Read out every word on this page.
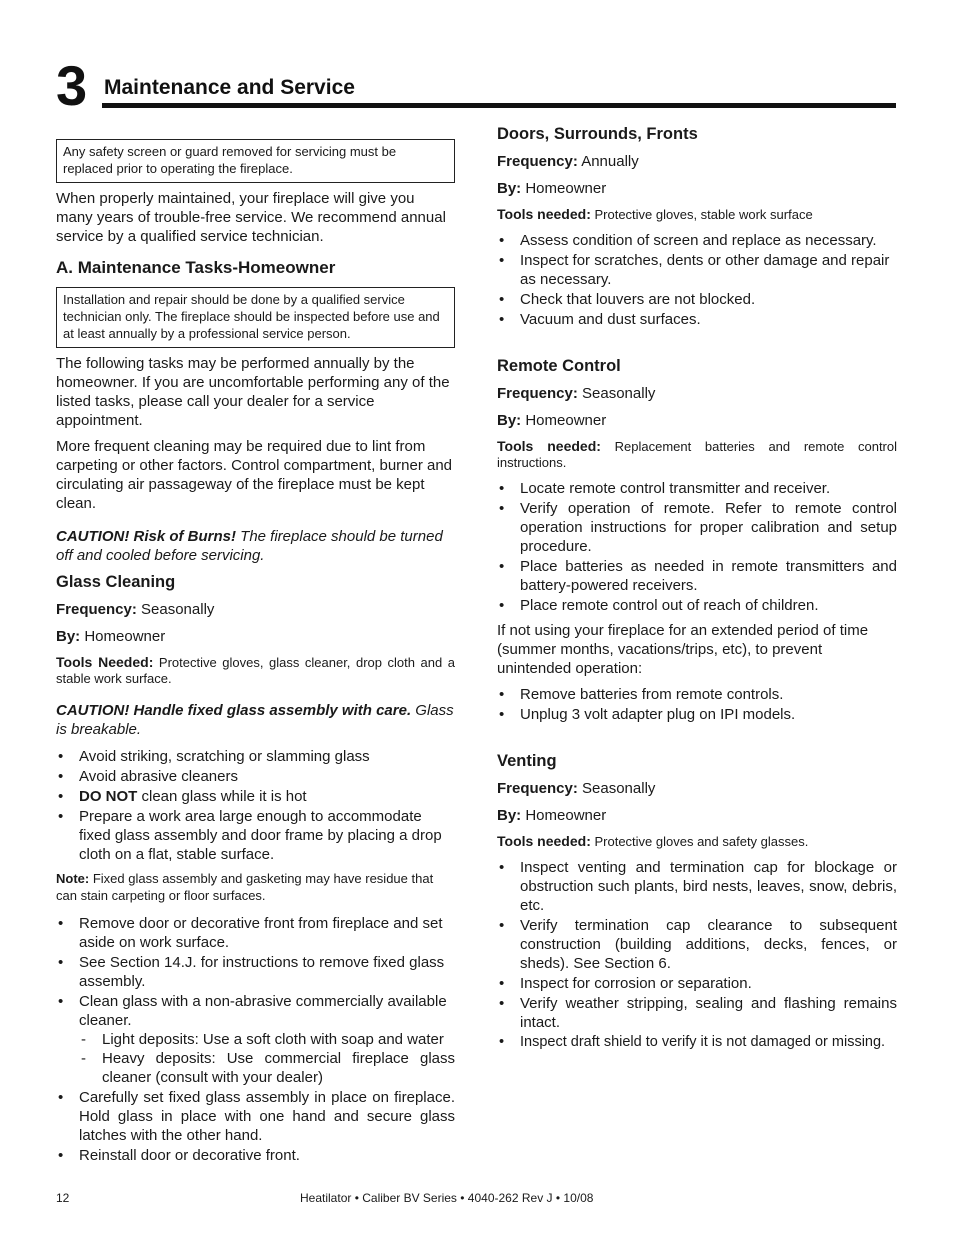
3 Maintenance and Service
Any safety screen or guard removed for servicing must be replaced prior to operating the fireplace.

When properly maintained, your fireplace will give you many years of trouble-free service. We recommend annual service by a qualified service technician.

A. Maintenance Tasks-Homeowner
Installation and repair should be done by a qualified service technician only. The fireplace should be inspected before use and at least annually by a professional service person.

The following tasks may be performed annually by the homeowner. If you are uncomfortable performing any of the listed tasks, please call your dealer for a service appointment.

More frequent cleaning may be required due to lint from carpeting or other factors. Control compartment, burner and circulating air passageway of the fireplace must be kept clean.

CAUTION! Risk of Burns! The fireplace should be turned off and cooled before servicing.

Glass Cleaning

Frequency: Seasonally

By: Homeowner

Tools Needed: Protective gloves, glass cleaner, drop cloth and a stable work surface.

CAUTION! Handle fixed glass assembly with care. Glass is breakable.

• Avoid striking, scratching or slamming glass
• Avoid abrasive cleaners
• DO NOT clean glass while it is hot
• Prepare a work area large enough to accommodate fixed glass assembly and door frame by placing a drop cloth on a flat, stable surface.

Note: Fixed glass assembly and gasketing may have residue that can stain carpeting or floor surfaces.

• Remove door or decorative front from fireplace and set aside on work surface.
• See Section 14.J. for instructions to remove fixed glass assembly.
• Clean glass with a non-abrasive commercially available cleaner.
- Light deposits: Use a soft cloth with soap and water
- Heavy deposits: Use commercial fireplace glass cleaner (consult with your dealer)
• Carefully set fixed glass assembly in place on fireplace. Hold glass in place with one hand and secure glass latches with the other hand.
• Reinstall door or decorative front.
Doors, Surrounds, Fronts

Frequency: Annually

By: Homeowner

Tools needed: Protective gloves, stable work surface

• Assess condition of screen and replace as necessary.
• Inspect for scratches, dents or other damage and repair as necessary.
• Check that louvers are not blocked.
• Vacuum and dust surfaces.
Remote Control

Frequency: Seasonally

By: Homeowner

Tools needed: Replacement batteries and remote control instructions.

• Locate remote control transmitter and receiver.
• Verify operation of remote. Refer to remote control operation instructions for proper calibration and setup procedure.
• Place batteries as needed in remote transmitters and battery-powered receivers.
• Place remote control out of reach of children.

If not using your fireplace for an extended period of time (summer months, vacations/trips, etc), to prevent unintended operation:

• Remove batteries from remote controls.
• Unplug 3 volt adapter plug on IPI models.
Venting

Frequency: Seasonally

By: Homeowner

Tools needed: Protective gloves and safety glasses.

• Inspect venting and termination cap for blockage or obstruction such plants, bird nests, leaves, snow, debris, etc.
• Verify termination cap clearance to subsequent construction (building additions, decks, fences, or sheds). See Section 6.
• Inspect for corrosion or separation.
• Verify weather stripping, sealing and flashing remains intact.
• Inspect draft shield to verify it is not damaged or missing.
12	Heatilator • Caliber BV Series • 4040-262 Rev J • 10/08
